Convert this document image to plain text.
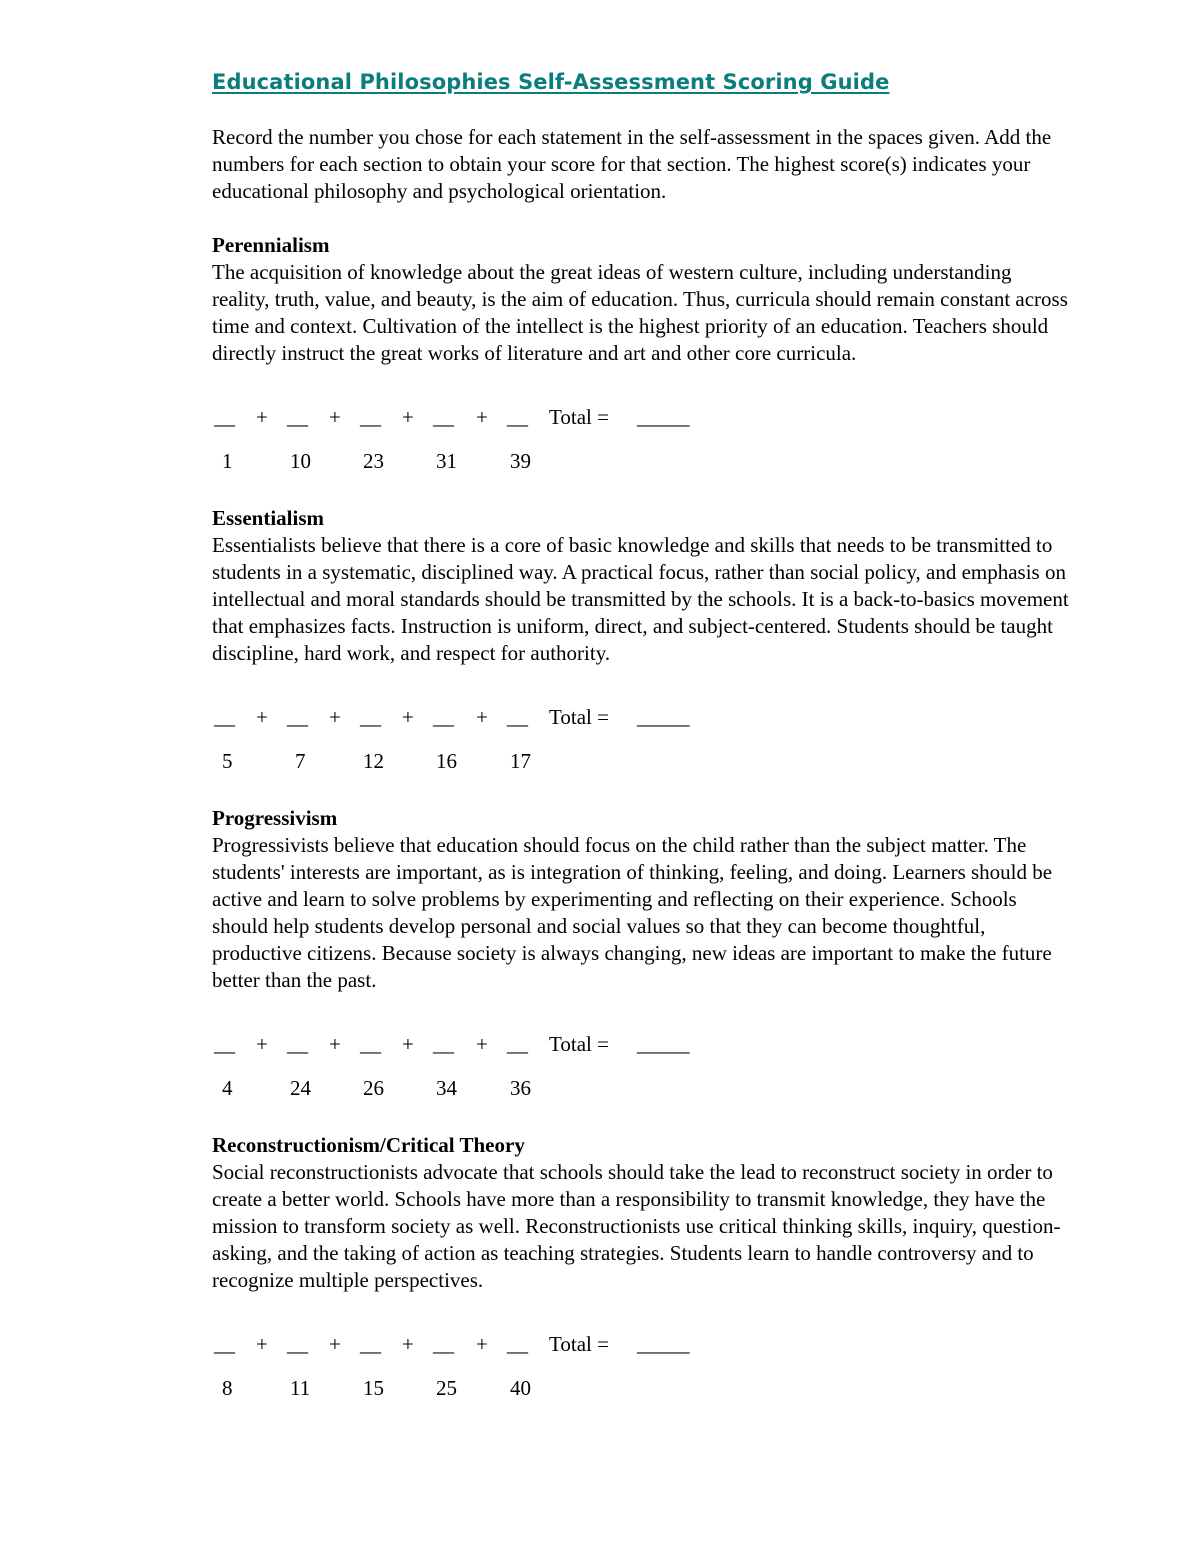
Educational Philosophies Self-Assessment Scoring Guide

Record the number you chose for each statement in the self-assessment in the spaces given. Add the numbers for each section to obtain your score for that section. The highest score(s) indicates your educational philosophy and psychological orientation.

Perennialism

The acquisition of knowledge about the great ideas of western culture, including understanding reality, truth, value, and beauty, is the aim of education. Thus, curricula should remain constant across time and context. Cultivation of the intellect is the highest priority of an education. Teachers should directly instruct the great works of literature and art and other core curricula.

__ + __ + __ + __ + __ Total = _____
1	10 23 31	39

Essentialism

Essentialists believe that there is a core of basic knowledge and skills that needs to be transmitted to students in a systematic, disciplined way. A practical focus, rather than social policy, and emphasis on intellectual and moral standards should be transmitted by the schools. It is a back-to-basics movement that emphasizes facts. Instruction is uniform, direct, and subject-centered. Students should be taught discipline, hard work, and respect for authority.

__ + __ + __ + __ + __ Total = _____
5	7	12 16	17

Progressivism

Progressivists believe that education should focus on the child rather than the subject matter. The students' interests are important, as is integration of thinking, feeling, and doing. Learners should be active and learn to solve problems by experimenting and reflecting on their experience. Schools should help students develop personal and social values so that they can become thoughtful, productive citizens. Because society is always changing, new ideas are important to make the future better than the past.

__ + __ + __ + __ + __ Total = _____
4	24 26 34	36

Reconstructionism/Critical Theory

Social reconstructionists advocate that schools should take the lead to reconstruct society in order to create a better world. Schools have more than a responsibility to transmit knowledge, they have the mission to transform society as well. Reconstructionists use critical thinking skills, inquiry, question-asking, and the taking of action as teaching strategies. Students learn to handle controversy and to recognize multiple perspectives.

__ + __ + __ + __ + __ Total = _____
8	11	15 25	40
